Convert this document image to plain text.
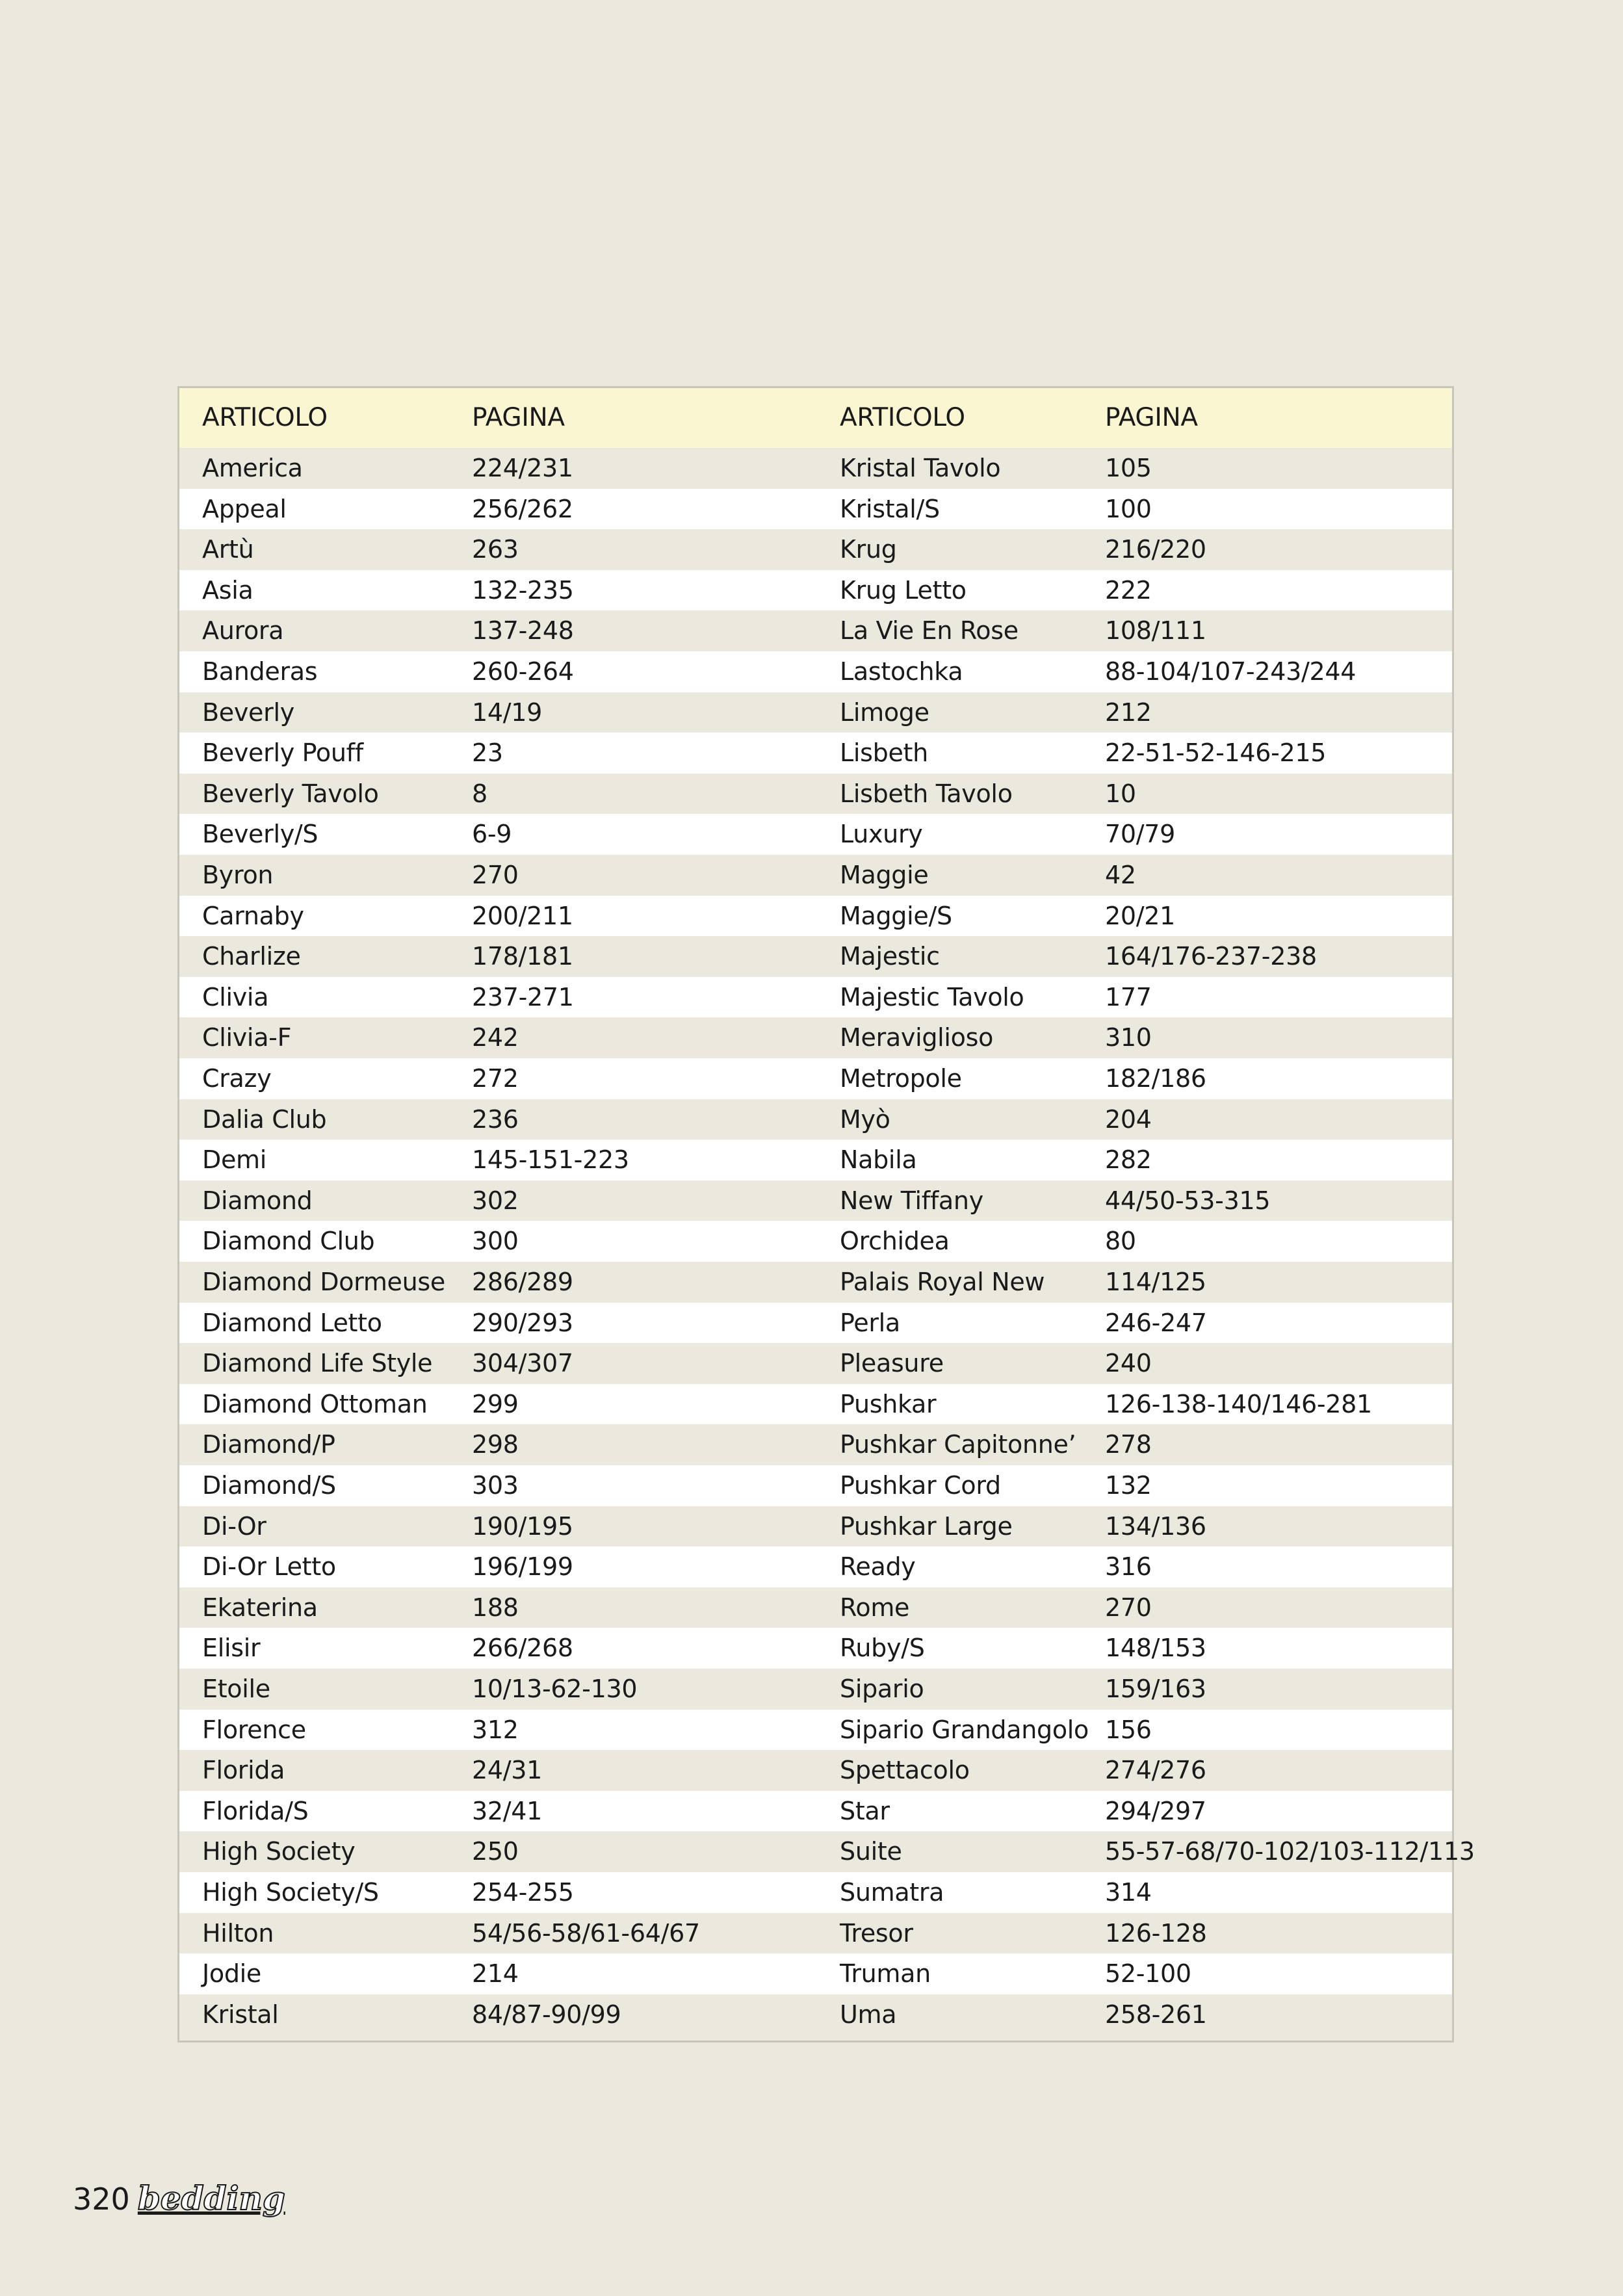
ARTICOLO	PAGINA	ARTICOLO	PAGINA
America	224/231	Kristal Tavolo	105
Appeal	256/262	Kristal/S	100
Artù	263	Krug	216/220
Asia	132-235	Krug Letto	222
Aurora	137-248	La Vie En Rose	108/111
Banderas	260-264	Lastochka	88-104/107-243/244
Beverly	14/19	Limoge	212
Beverly Pouff	23	Lisbeth	22-51-52-146-215
Beverly Tavolo	8	Lisbeth Tavolo	10
Beverly/S	6-9	Luxury	70/79
Byron	270	Maggie	42
Carnaby	200/211	Maggie/S	20/21
Charlize	178/181	Majestic	164/176-237-238
Clivia	237-271	Majestic Tavolo	177
Clivia-F	242	Meraviglioso	310
Crazy	272	Metropole	182/186
Dalia Club	236	Myò	204
Demi	145-151-223	Nabila	282
Diamond	302	New Tiffany	44/50-53-315
Diamond Club	300	Orchidea	80
Diamond Dormeuse 286/289	Palais Royal New 114/125
Diamond Letto	290/293	Perla	246-247
Diamond Life Style 304/307	Pleasure	240
Diamond Ottoman 299	Pushkar	126-138-140/146-281
Diamond/P	298	Pushkar Capitonne’ 278
Diamond/S	303	Pushkar Cord	132
Di-Or	190/195	Pushkar Large	134/136
Di-Or Letto	196/199	Ready	316
Ekaterina	188	Rome	270
Elisir	266/268	Ruby/S	148/153
Etoile	10/13-62-130	Sipario	159/163
Florence	312	Sipario Grandangolo 156
Florida	24/31	Spettacolo	274/276
Florida/S	32/41	Star	294/297
High Society	250	Suite	55-57-68/70-102/103-112/113
High Society/S	254-255	Sumatra	314
Hilton	54/56-58/61-64/67	Tresor	126-128
Jodie	214	Truman	52-100
Kristal	84/87-90/99	Uma	258-261
320 bedding
